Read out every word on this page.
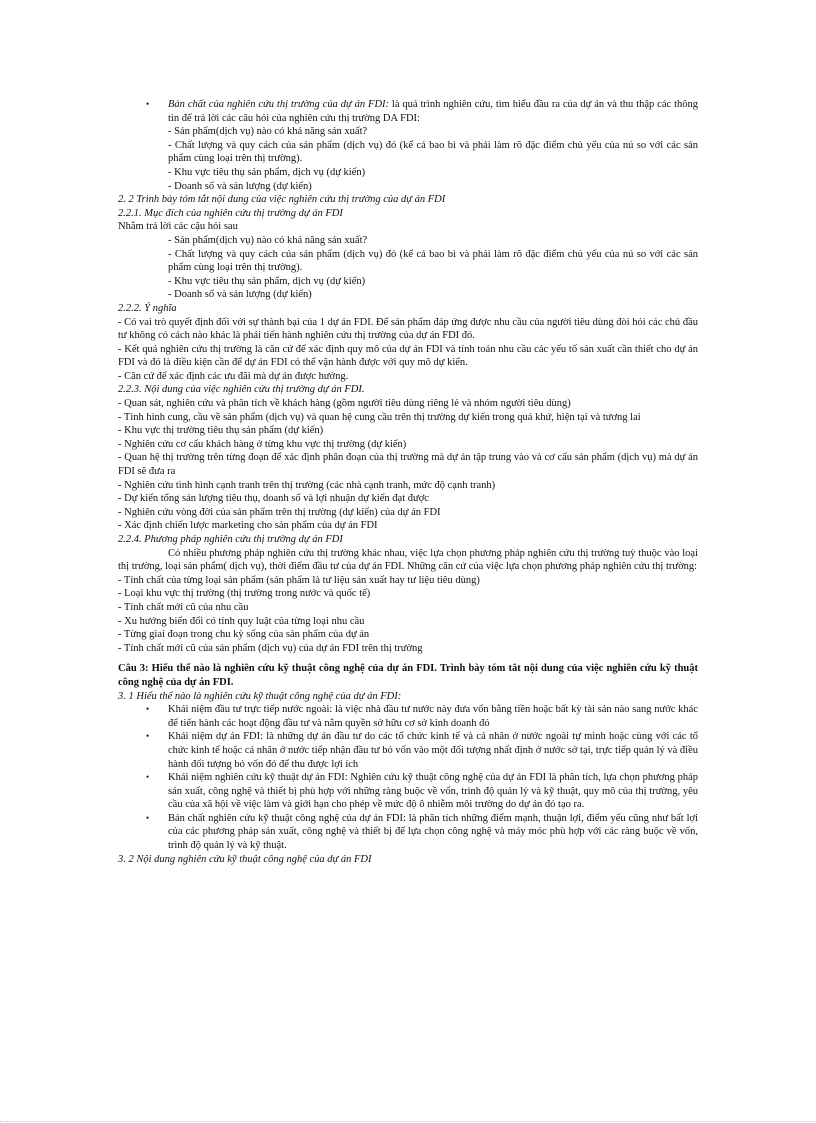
• Bản chất của nghiên cứu thị trường của dự án FDI: là quá trình nghiên cứu, tìm hiểu đầu ra của dự án và thu thập các thông tin để trả lời các câu hỏi của nghiên cứu thị trường DA FDI:

- Sản phẩm(dịch vụ) nào có khả năng sản xuất?

- Chất lượng và quy cách của sản phẩm (dịch vụ) đó (kể cả bao bì và phải làm rõ đặc điểm chủ yếu của nú so với các sản phẩm cùng loại trên thị trường).

- Khu vực tiêu thụ sản phẩm, dịch vụ (dự kiến)

- Doanh số và sản lượng (dự kiến)

2. 2 Trình bày tóm tắt nội dung của việc nghiên cứu thị trường của dự án FDI

2.2.1. Mục đích của nghiên cứu thị trường dự án FDI

Nhằm trả lời các cậu hỏi sau

- Sản phẩm(dịch vụ) nào có khả năng sản xuất?

- Chất lượng và quy cách của sản phẩm (dịch vụ) đó (kể cả bao bì và phải làm rõ đặc điểm chủ yếu của nú so với các sản phẩm cùng loại trên thị trường).

- Khu vực tiêu thụ sản phẩm, dịch vụ (dự kiến)

- Doanh số và sản lượng (dự kiến)

2.2.2. Ý nghĩa

- Có vai trò quyết định đối với sự thành bại của 1 dự án FDI. Để sản phẩm đáp ứng được nhu cầu của người tiêu dùng đòi hỏi các chủ đầu tư không có cách nào khác là phải tiến hành nghiên cứu thị trường của dự án FDI đó.

- Kết quả nghiên cứu thị trường là căn cứ để xác định quy mô của dự án FDI và tính toán nhu cầu các yếu tố sản xuất cần thiết cho dự án FDI và đó là điều kiện cần để dự án FDI có thể vận hành được với quy mô dự kiến.

- Căn cứ để xác định các ưu đãi mà dự án được hưởng.

2.2.3. Nội dung của việc nghiên cứu thị trường dự án FDI.

- Quan sát, nghiên cứu và phân tích về khách hàng (gồm người tiêu dùng riêng lẻ và nhóm người tiêu dùng)

- Tình hình cung, cầu về sản phẩm (dịch vụ) và quan hệ cung cầu trên thị trường dự kiến trong quá khứ, hiện tại và tương lai

- Khu vực thị trường tiêu thụ sản phẩm (dự kiến)

- Nghiên cứu cơ cấu khách hàng ở từng khu vực thị trường (dự kiến)

- Quan hệ thị trường trên từng đoạn để xác định phân đoạn của thị trường mà dự án tập trung vào và cơ cấu sản phẩm (dịch vụ) mà dự án FDI sẽ đưa ra

- Nghiên cứu tình hình cạnh tranh trên thị trường (các nhà cạnh tranh, mức độ cạnh tranh)

- Dự kiến tổng sản lượng tiêu thụ, doanh số và lợi nhuận dự kiến đạt được

- Nghiên cứu vòng đời của sản phẩm trên thị trường (dự kiến) của dự án FDI

- Xác định chiến lược marketing cho sản phẩm của dự án FDI

2.2.4. Phương pháp nghiên cứu thị trường dự án FDI

Có nhiều phương pháp nghiên cứu thị trường khác nhau, việc lựa chọn phương pháp nghiên cứu thị trường tuỳ thuộc vào loại thị trường, loại sản phẩm( dịch vụ), thời điểm đầu tư của dự án FDI. Những căn cứ của việc lựa chọn phương pháp nghiên cứu thị trường:

- Tính chất của từng loại sản phẩm (sản phẩm là tư liệu sản xuất hay tư liệu tiêu dùng)

- Loại khu vực thị trường (thị trường trong nước và quốc tế)

- Tính chất mới cũ của nhu cầu

- Xu hướng biến đổi có tính quy luật của từng loại nhu cầu

- Từng giai đoạn trong chu kỳ sống của sản phẩm của dự án

- Tính chất mới cũ của sản phẩm (dịch vụ) của dự án FDI trên thị trường

Câu 3: Hiểu thế nào là nghiên cứu kỹ thuật công nghệ của dự án FDI. Trình bày tóm tắt nội dung của việc nghiên cứu kỹ thuật công nghệ của dự án FDI.

3. 1 Hiểu thế nào là nghiên cứu kỹ thuật công nghệ của dự án FDI:

• Khái niệm đầu tư trực tiếp nước ngoài: là việc nhà đầu tư nước này đưa vốn bằng tiền hoặc bất kỳ tài sản nào sang nước khác để tiến hành các hoạt động đầu tư và nắm quyền sở hữu cơ sở kinh doanh đó

• Khái niệm dự án FDI: là những dự án đầu tư do các tổ chức kinh tế và cá nhân ở nước ngoài tự mình hoặc cùng với các tổ chức kinh tế hoặc cá nhân ở nước tiếp nhận đầu tư bỏ vốn vào một đối tượng nhất định ở nước sở tại, trực tiếp quản lý và điều hành đối tượng bỏ vốn đó để thu được lợi ích

• Khái niệm nghiên cứu kỹ thuật dự án FDI: Nghiên cứu kỹ thuật công nghệ của dự án FDI là phân tích, lựa chọn phương pháp sản xuất, công nghệ và thiết bị phù hợp với những ràng buộc về vốn, trình độ quản lý và kỹ thuật, quy mô của thị trường, yêu cầu của xã hội về việc làm và giới hạn cho phép về mức độ ô nhiễm môi trường do dự án đó tạo ra.

• Bản chất nghiên cứu kỹ thuật công nghệ của dự án FDI: là phân tích những điểm mạnh, thuận lợi, điểm yếu cũng như bất lợi của các phương pháp sản xuất, công nghệ và thiết bị để lựa chọn công nghệ và máy móc phù hợp với các ràng buộc về vốn, trình độ quản lý và kỹ thuật.

3. 2 Nội dung nghiên cứu kỹ thuật công nghệ của dự án FDI
